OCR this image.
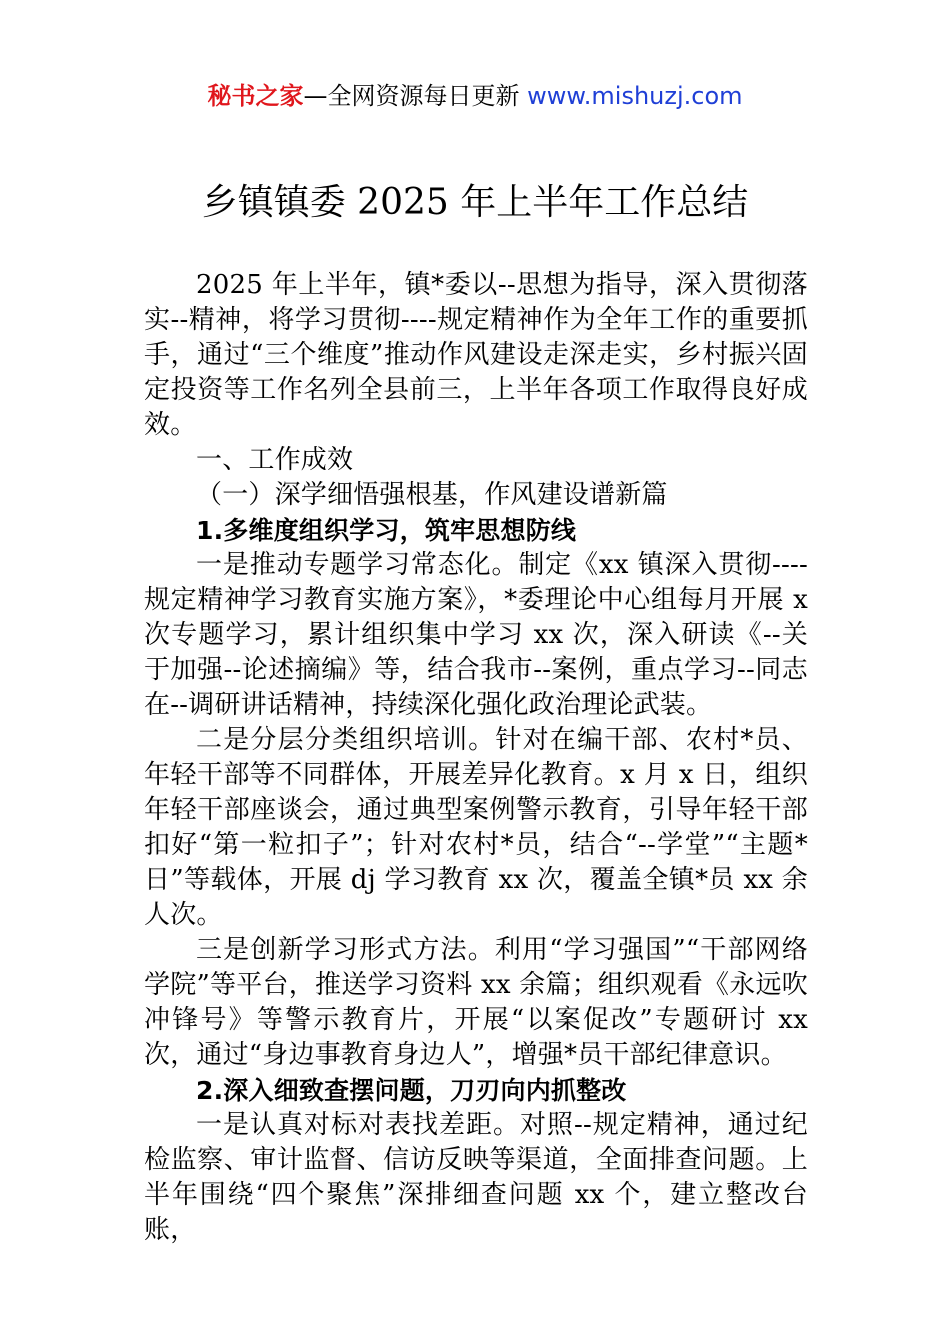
秘书之家—全网资源每日更新 www.mishuzj.com
乡镇镇委 2025 年上半年工作总结

2025 年上半年，镇*委以--思想为指导，深入贯彻落实--精神，将学习贯彻----规定精神作为全年工作的重要抓手，通过“三个维度”推动作风建设走深走实，乡村振兴固定投资等工作名列全县前三，上半年各项工作取得良好成效。

一、工作成效

（一）深学细悟强根基，作风建设谱新篇

1.多维度组织学习，筑牢思想防线

一是推动专题学习常态化。制定《xx 镇深入贯彻----规定精神学习教育实施方案》，*委理论中心组每月开展 x 次专题学习，累计组织集中学习 xx 次，深入研读《--关于加强--论述摘编》等，结合我市--案例，重点学习--同志在--调研讲话精神，持续深化强化政治理论武装。

二是分层分类组织培训。针对在编干部、农村*员、年轻干部等不同群体，开展差异化教育。x 月 x 日，组织年轻干部座谈会，通过典型案例警示教育，引导年轻干部扣好“第一粒扣子”；针对农村*员，结合“--学堂”“主题*日”等载体，开展 dj 学习教育 xx 次，覆盖全镇*员 xx 余人次。

三是创新学习形式方法。利用“学习强国”“干部网络学院”等平台，推送学习资料 xx 余篇；组织观看《永远吹冲锋号》等警示教育片，开展“以案促改”专题研讨 xx 次，通过“身边事教育身边人”，增强*员干部纪律意识。

2.深入细致查摆问题，刀刃向内抓整改

一是认真对标对表找差距。对照--规定精神，通过纪检监察、审计监督、信访反映等渠道，全面排查问题。上半年围绕“四个聚焦”深排细查问题 xx 个，建立整改台账，
